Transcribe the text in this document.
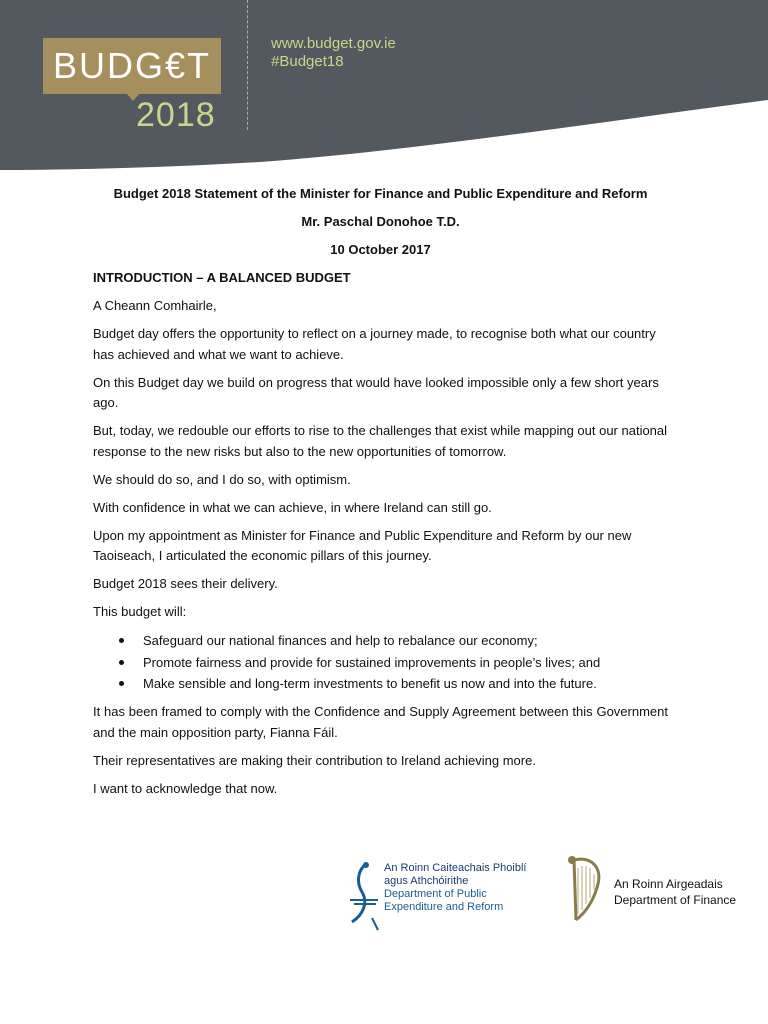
BUDG€T
2018
www.budget.gov.ie
#Budget18

Budget 2018 Statement of the Minister for Finance and Public Expenditure and Reform

Mr. Paschal Donohoe T.D.

10 October 2017

INTRODUCTION – A BALANCED BUDGET

A Cheann Comhairle,

Budget day offers the opportunity to reflect on a journey made, to recognise both what our country has achieved and what we want to achieve.

On this Budget day we build on progress that would have looked impossible only a few short years ago.

But, today, we redouble our efforts to rise to the challenges that exist while mapping out our national response to the new risks but also to the new opportunities of tomorrow.

We should do so, and I do so, with optimism.

With confidence in what we can achieve, in where Ireland can still go.

Upon my appointment as Minister for Finance and Public Expenditure and Reform by our new Taoiseach, I articulated the economic pillars of this journey.

Budget 2018 sees their delivery.

This budget will:

Safeguard our national finances and help to rebalance our economy;
Promote fairness and provide for sustained improvements in people’s lives; and
Make sensible and long-term investments to benefit us now and into the future.

It has been framed to comply with the Confidence and Supply Agreement between this Government and the main opposition party, Fianna Fáil.

Their representatives are making their contribution to Ireland achieving more.

I want to acknowledge that now.

An Roinn Caiteachais Phoiblí
agus Athchóirithe
Department of Public
Expenditure and Reform
An Roinn Airgeadais
Department of Finance
